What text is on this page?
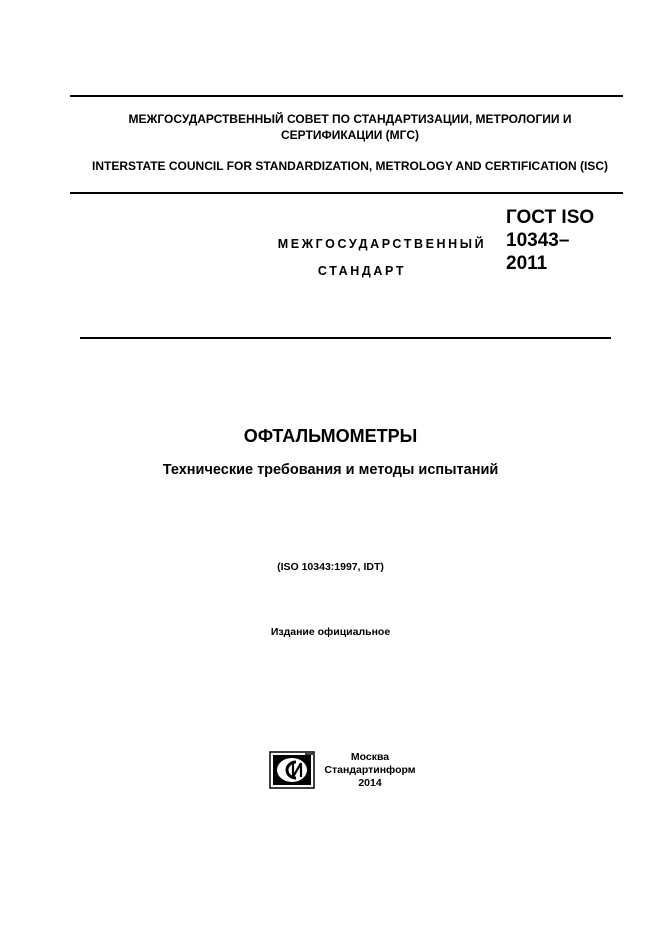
МЕЖГОСУДАРСТВЕННЫЙ СОВЕТ ПО СТАНДАРТИЗАЦИИ, МЕТРОЛОГИИ И СЕРТИФИКАЦИИ (МГС)
INTERSTATE COUNCIL FOR STANDARDIZATION, METROLOGY AND CERTIFICATION (ISC)
МЕЖГОСУДАРСТВЕННЫЙ
СТАНДАРТ
ГОСТ ISO
10343–
2011
ОФТАЛЬМОМЕТРЫ
Технические требования и методы испытаний
(ISO 10343:1997, IDT)
Издание официальное
Москва
Стандартинформ
2014
